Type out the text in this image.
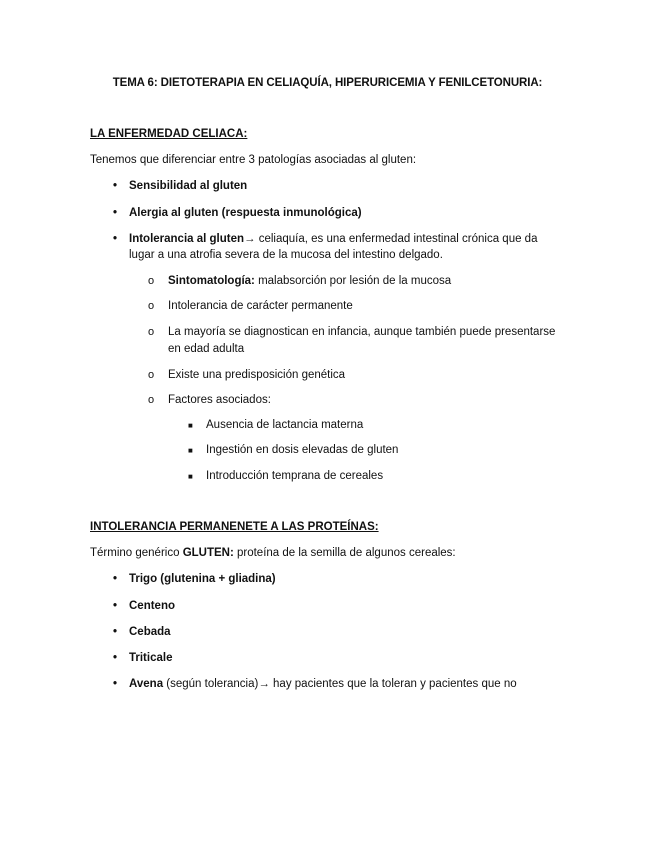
TEMA 6: DIETOTERAPIA EN CELIAQUÍA, HIPERURICEMIA Y FENILCETONURIA:
LA ENFERMEDAD CELIACA:
Tenemos que diferenciar entre 3 patologías asociadas al gluten:
• Sensibilidad al gluten
• Alergia al gluten (respuesta inmunológica)
• Intolerancia al gluten→ celiaquía, es una enfermedad intestinal crónica que da
lugar a una atrofia severa de la mucosa del intestino delgado.
o Sintomatología: malabsorción por lesión de la mucosa
o Intolerancia de carácter permanente
o La mayoría se diagnostican en infancia, aunque también puede presentarse
en edad adulta
o Existe una predisposición genética
o Factores asociados:
■ Ausencia de lactancia materna
■ Ingestión en dosis elevadas de gluten
■ Introducción temprana de cereales
INTOLERANCIA PERMANENETE A LAS PROTEÍNAS:
Término genérico GLUTEN: proteína de la semilla de algunos cereales:
• Trigo (glutenina + gliadina)
• Centeno
• Cebada
• Triticale
• Avena (según tolerancia)→ hay pacientes que la toleran y pacientes que no
